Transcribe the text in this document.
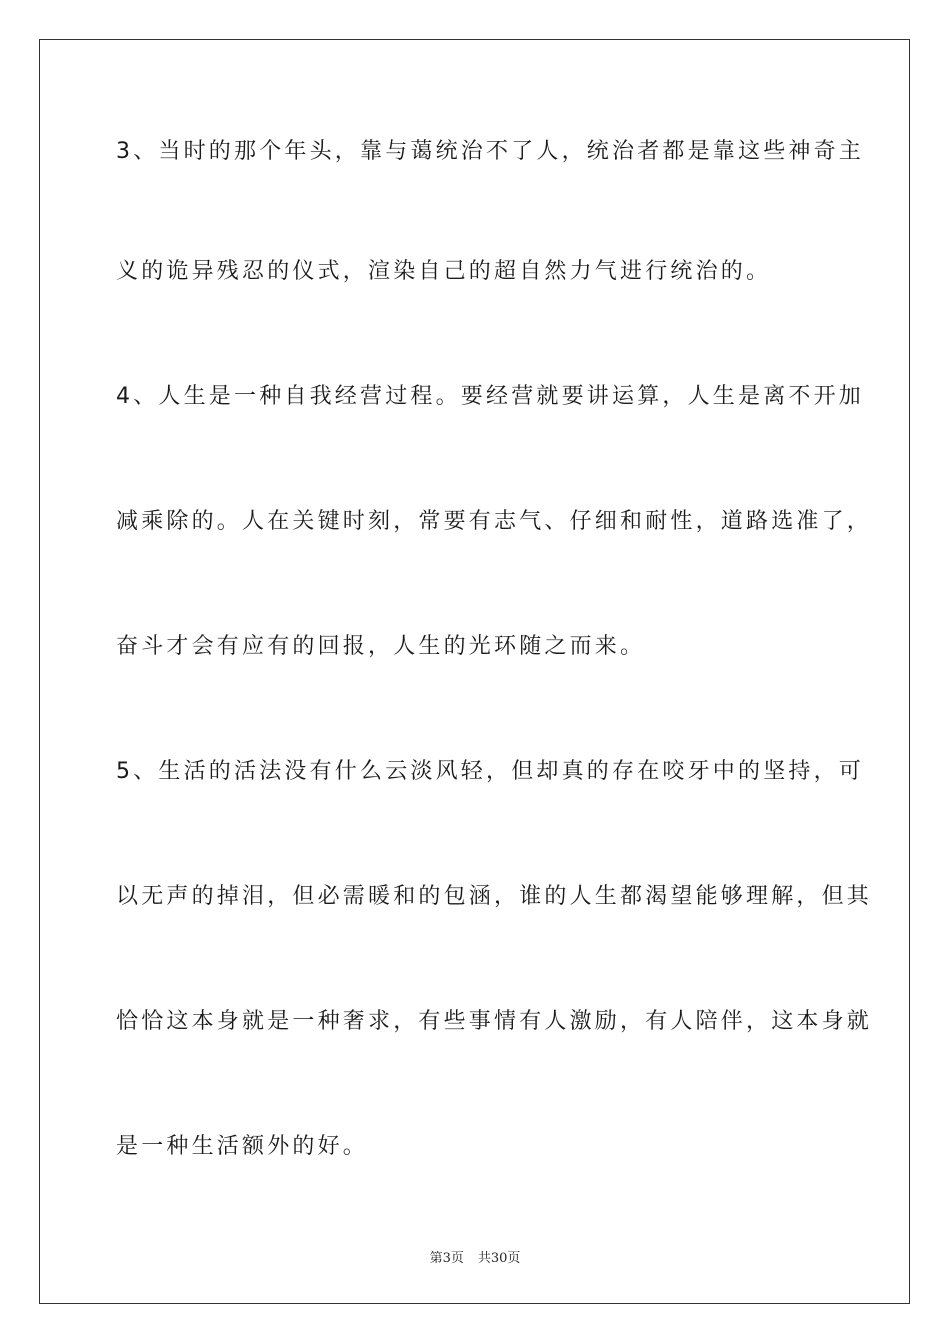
3、当时的那个年头，靠与蔼统治不了人，统治者都是靠这些神奇主
义的诡异残忍的仪式，渲染自己的超自然力气进行统治的。
4、人生是一种自我经营过程。要经营就要讲运算，人生是离不开加
减乘除的。人在关键时刻，常要有志气、仔细和耐性，道路选准了，
奋斗才会有应有的回报，人生的光环随之而来。
5、生活的活法没有什么云淡风轻，但却真的存在咬牙中的坚持，可
以无声的掉泪，但必需暖和的包涵，谁的人生都渴望能够理解，但其
恰恰这本身就是一种奢求，有些事情有人激励，有人陪伴，这本身就
是一种生活额外的好。
第3页 共30页
